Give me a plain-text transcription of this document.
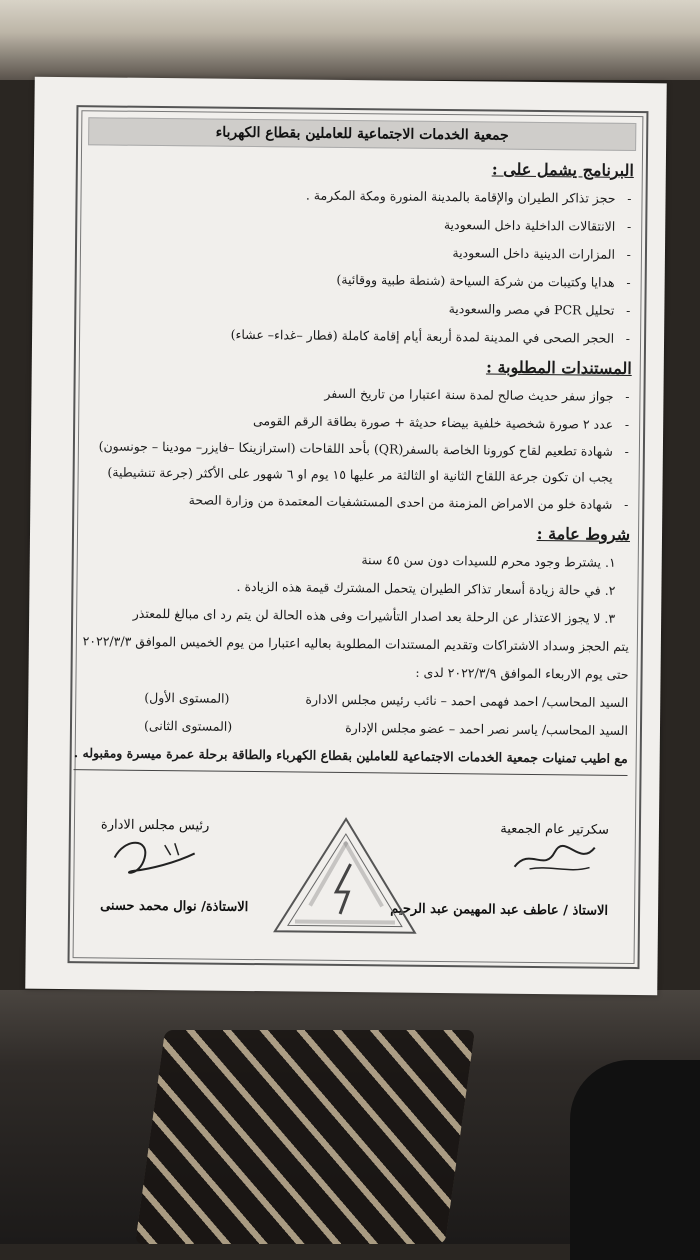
جمعية الخدمات الاجتماعية للعاملين بقطاع الكهرباء
البرنامج يشمل على :
- حجز تذاكر الطيران والإقامة بالمدينة المنورة ومكة المكرمة .
- الانتقالات الداخلية داخل السعودية
- المزارات الدينية داخل السعودية
- هدايا وكتيبات من شركة السياحة (شنطة طبية ووقائية)
- تحليل PCR في مصر والسعودية
- الحجر الصحى في المدينة لمدة أربعة أيام إقامة كاملة (فطار –غداء– عشاء)
المستندات المطلوبة :
- جواز سفر حديث صالح لمدة سنة اعتبارا من تاريخ السفر
- عدد ٢ صورة شخصية خلفية بيضاء حديثة + صورة بطاقة الرقم القومى
- شهادة تطعيم لقاح كورونا الخاصة بالسفر(QR) بأحد اللقاحات (استرازينكا –فايزر– مودينا – جونسون) يجب ان تكون جرعة اللقاح الثانية او الثالثة مر عليها ١٥ يوم او ٦ شهور على الأكثر (جرعة تنشيطية)
- شهادة خلو من الامراض المزمنة من احدى المستشفيات المعتمدة من وزارة الصحة
شروط عامة :
١. يشترط وجود محرم للسيدات دون سن ٤٥ سنة
٢. في حالة زيادة أسعار تذاكر الطيران يتحمل المشترك قيمة هذه الزيادة .
٣. لا يجوز الاعتذار عن الرحلة بعد اصدار التأشيرات وفى هذه الحالة لن يتم رد اى مبالغ للمعتذر
يتم الحجز وسداد الاشتراكات وتقديم المستندات المطلوبة بعاليه اعتبارا من يوم الخميس الموافق ٢٠٢٢/٣/٣
حتى يوم الاربعاء الموافق ٢٠٢٢/٣/٩ لدى :
السيد المحاسب/ احمد فهمى احمد – نائب رئيس مجلس الادارة
(المستوى الأول)
السيد المحاسب/ ياسر نصر احمد – عضو مجلس الإدارة
(المستوى الثانى)
مع اطيب تمنيات جمعية الخدمات الاجتماعية للعاملين بقطاع الكهرباء والطاقة برحلة عمرة ميسرة ومقبوله .
سكرتير عام الجمعية
الاستاذ / عاطف عبد المهيمن عبد الرحيم
رئيس مجلس الادارة
الاستاذة/ نوال محمد حسنى
